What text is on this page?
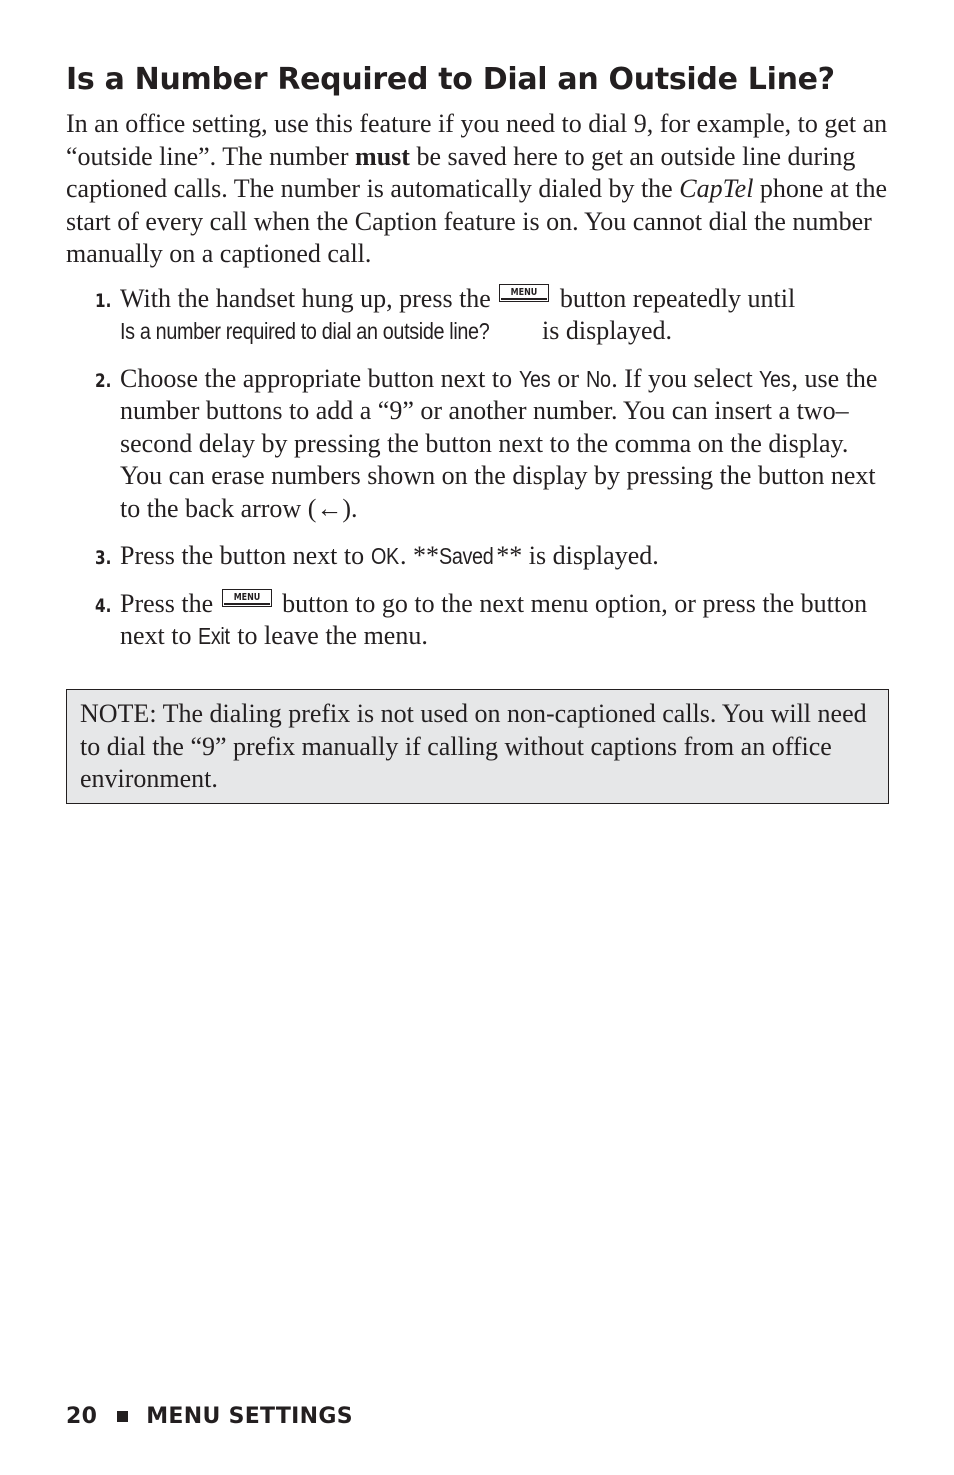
Is a Number Required to Dial an Outside Line?

In an office setting, use this feature if you need to dial 9, for example, to get an “outside line”. The number must be saved here to get an outside line during captioned calls. The number is automatically dialed by the CapTel phone at the start of every call when the Caption feature is on. You cannot dial the number manually on a captioned call.

1. With the handset hung up, press the	MENU button repeatedly until
Is a number required to dial an outside line? is displayed.
2. Choose the appropriate button next to Yes or No. If you select Yes, use the number buttons to add a “9” or another number. You can insert a two–second delay by pressing the button next to the comma on the display. You can erase numbers shown on the display by pressing the button next to the back arrow (←).
3. Press the button next to OK. **Saved ** is displayed.
4. Press the	MENU button to go to the next menu option, or press the button next to Exit to leave the menu.
NOTE: The dialing prefix is not used on non-captioned calls. You will need to dial the “9” prefix manually if calling without captions from an office environment.
20 MENU SETTINGS
